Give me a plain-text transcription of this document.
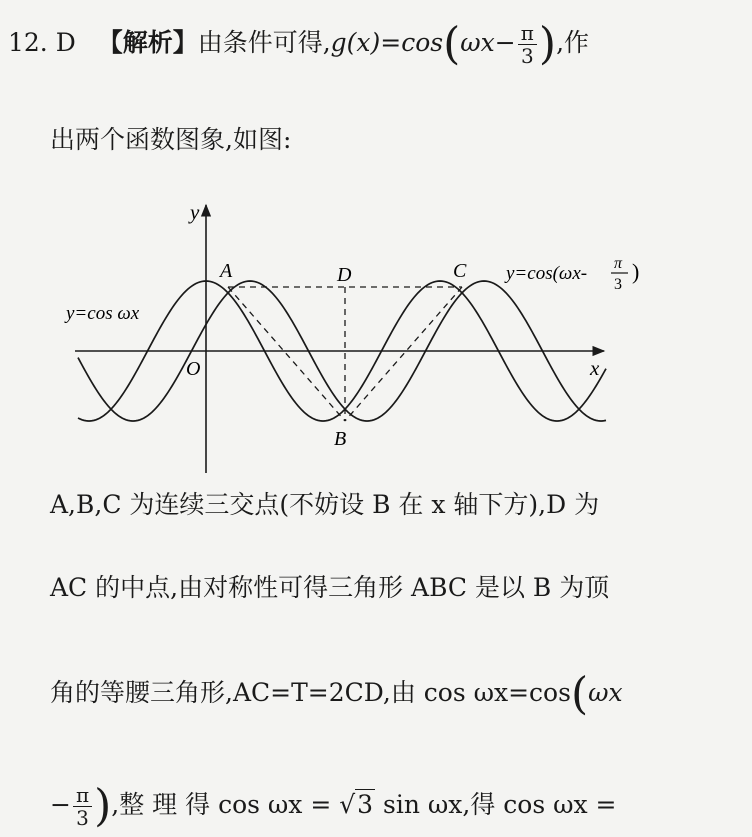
12. D 【解析】由条件可得$,g(x)=\cos(\omega x- \frac{\pi}{3}$ ),作
出两个函数图象,如图:
y
x
O
A
B
C
D
y=cos ωx
y=cos(ωx- π
3
)
A,B,C 为连续三交点(不妨设 B 在 x 轴下方),D 为
AC 的中点,由对称性可得三角形 ABC 是以 B 为顶
角的等腰三角形,AC=T=2CD,由 cos ωx=cos(ωx
− $\frac{\pi}{3}$ ),整 理 得 cos ωx = √3 sin ωx,得 cos ωx =
